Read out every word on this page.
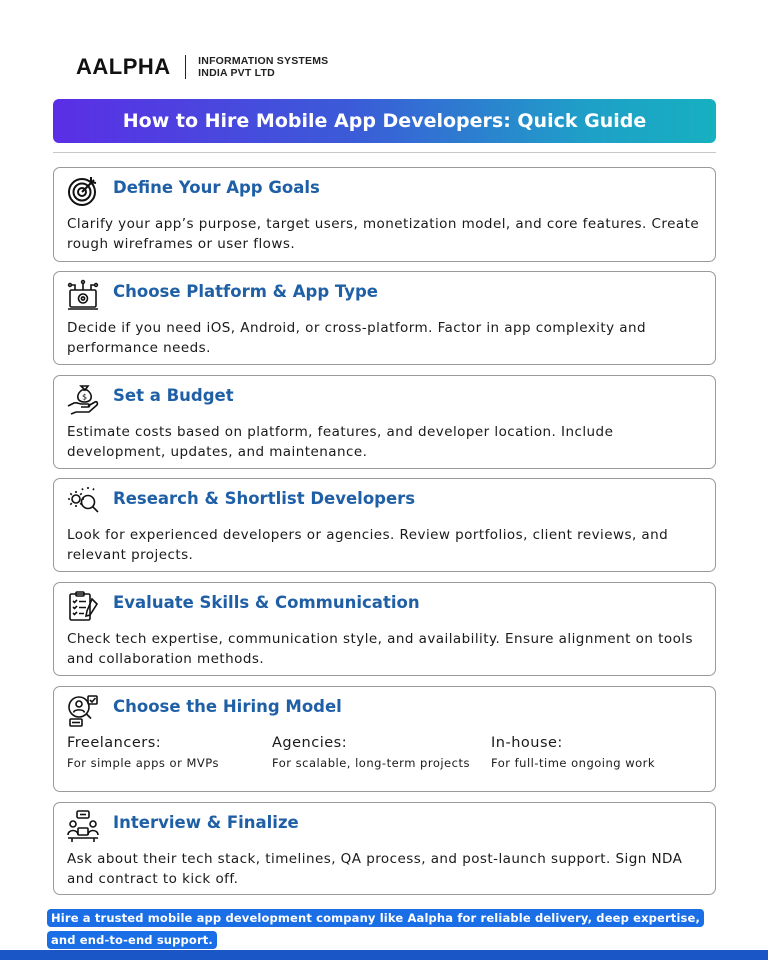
AALPHA	INFORMATION SYSTEMS
INDIA PVT LTD
How to Hire Mobile App Developers: Quick Guide
Define Your App Goals
Clarify your app’s purpose, target users, monetization model, and core features. Create rough wireframes or user flows.
Choose Platform & App Type
Decide if you need iOS, Android, or cross-platform. Factor in app complexity and performance needs.
$ Set a Budget
Estimate costs based on platform, features, and developer location. Include development, updates, and maintenance.
Research & Shortlist Developers
Look for experienced developers or agencies. Review portfolios, client reviews, and relevant projects.
Evaluate Skills & Communication
Check tech expertise, communication style, and availability. Ensure alignment on tools and collaboration methods.
Choose the Hiring Model
Freelancers:
For simple apps or MVPs
Agencies:
For scalable, long-term projects
In-house:
For full-time ongoing work
Interview & Finalize
Ask about their tech stack, timelines, QA process, and post-launch support. Sign NDA and contract to kick off.
Hire a trusted mobile app development company like Aalpha for reliable delivery, deep expertise, and end-to-end support.
